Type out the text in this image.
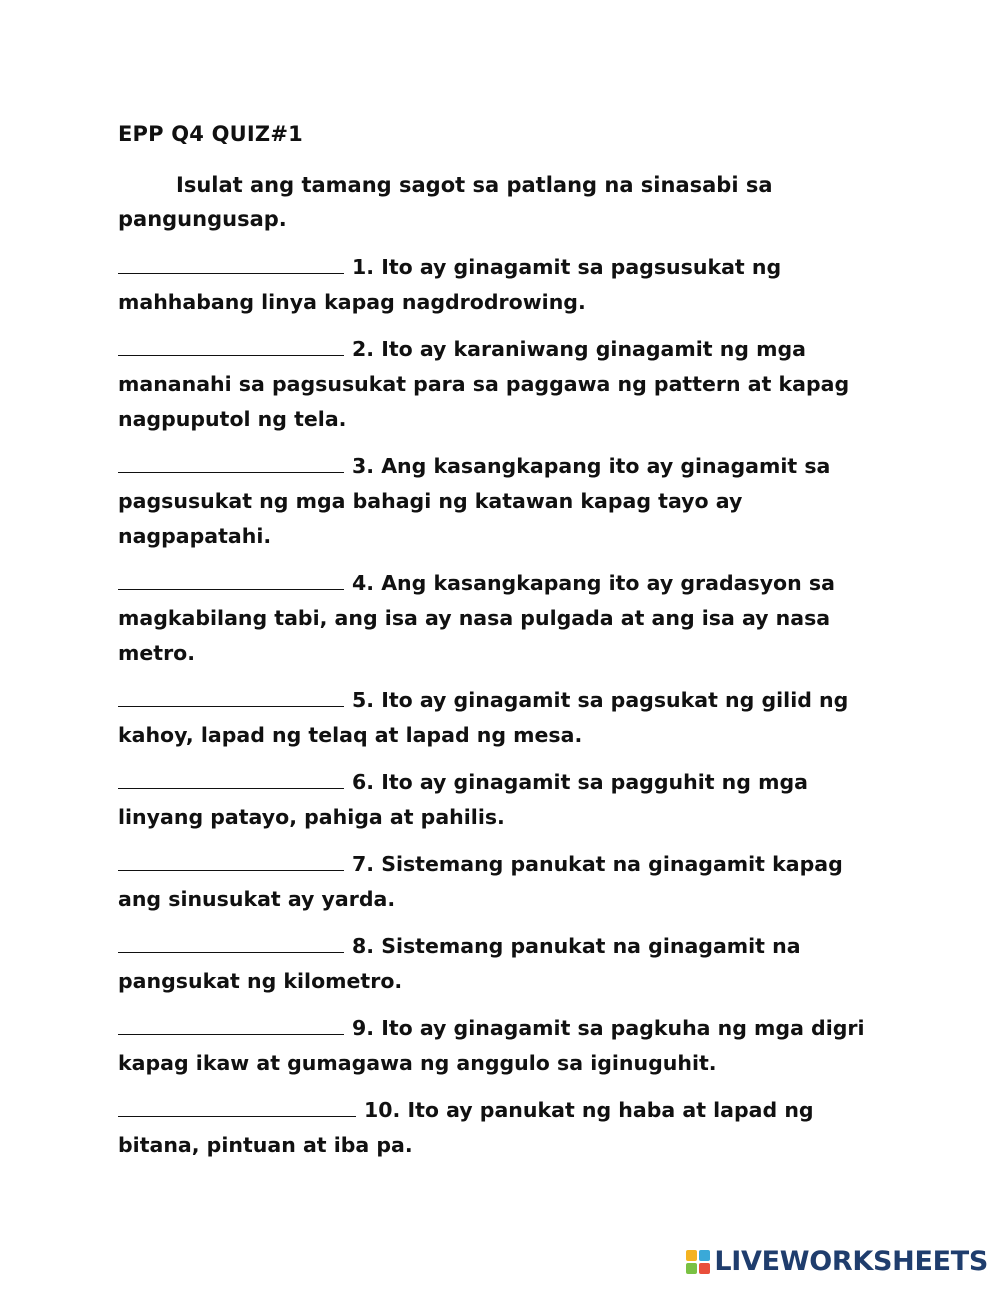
EPP Q4 QUIZ#1

Isulat ang tamang sagot sa patlang na sinasabi sa pangungusap.

1. Ito ay ginagamit sa pagsusukat ng mahhabang linya kapag nagdrodrowing.
2. Ito ay karaniwang ginagamit ng mga mananahi sa pagsusukat para sa paggawa ng pattern at kapag nagpuputol ng tela.
3. Ang kasangkapang ito ay ginagamit sa pagsusukat ng mga bahagi ng katawan kapag tayo ay nagpapatahi.
4. Ang kasangkapang ito ay gradasyon sa magkabilang tabi, ang isa ay nasa pulgada at ang isa ay nasa metro.
5. Ito ay ginagamit sa pagsukat ng gilid ng kahoy, lapad ng telaq at lapad ng mesa.
6. Ito ay ginagamit sa pagguhit ng mga linyang patayo, pahiga at pahilis.
7. Sistemang panukat na ginagamit kapag ang sinusukat ay yarda.
8. Sistemang panukat na ginagamit na pangsukat ng kilometro.
9. Ito ay ginagamit sa pagkuha ng mga digri kapag ikaw at gumagawa ng anggulo sa iginuguhit.
10. Ito ay panukat ng haba at lapad ng bitana, pintuan at iba pa.
LIVEWORKSHEETS
